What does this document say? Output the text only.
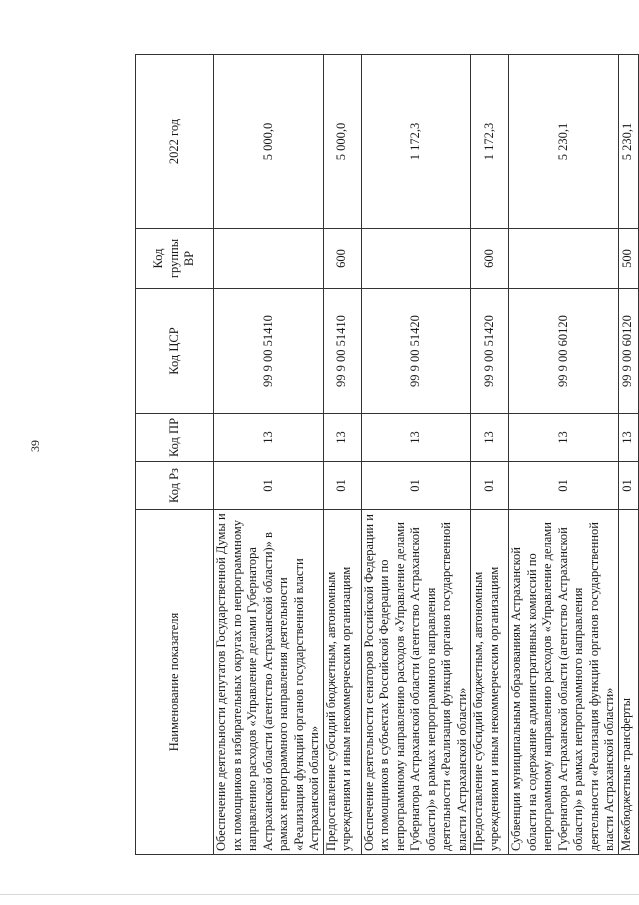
39
Наименование показателя	Код Рз	Код ПР	Код ЦСР	Код группы ВР	2022 год
Обеспечение деятельности депутатов Государственной Думы и их помощников в избирательных округах по непрограммному направлению расходов «Управление делами Губернатора Астраханской области (агентство Астраханской области)» в рамках непрограммного направления деятельности «Реализация функций органов государственной власти Астраханской области»	01	13	99 9 00 51410		5 000,0
Предоставление субсидий бюджетным, автономным учреждениям и иным некоммерческим организациям	01	13	99 9 00 51410	600	5 000,0
Обеспечение деятельности сенаторов Российской Федерации и их помощников в субъектах Российской Федерации по непрограммному направлению расходов «Управление делами Губернатора Астраханской области (агентство Астраханской области)» в рамках непрограммного направления деятельности «Реализация функций органов государственной власти Астраханской области»	01	13	99 9 00 51420		1 172,3
Предоставление субсидий бюджетным, автономным учреждениям и иным некоммерческим организациям	01	13	99 9 00 51420	600	1 172,3
Субвенции муниципальным образованиям Астраханской области на содержание административных комиссий по непрограммному направлению расходов «Управление делами Губернатора Астраханской области (агентство Астраханской области)» в рамках непрограммного направления деятельности «Реализация функций органов государственной власти Астраханской области»	01	13	99 9 00 60120		5 230,1
Межбюджетные трансферты	01	13	99 9 00 60120	500	5 230,1
